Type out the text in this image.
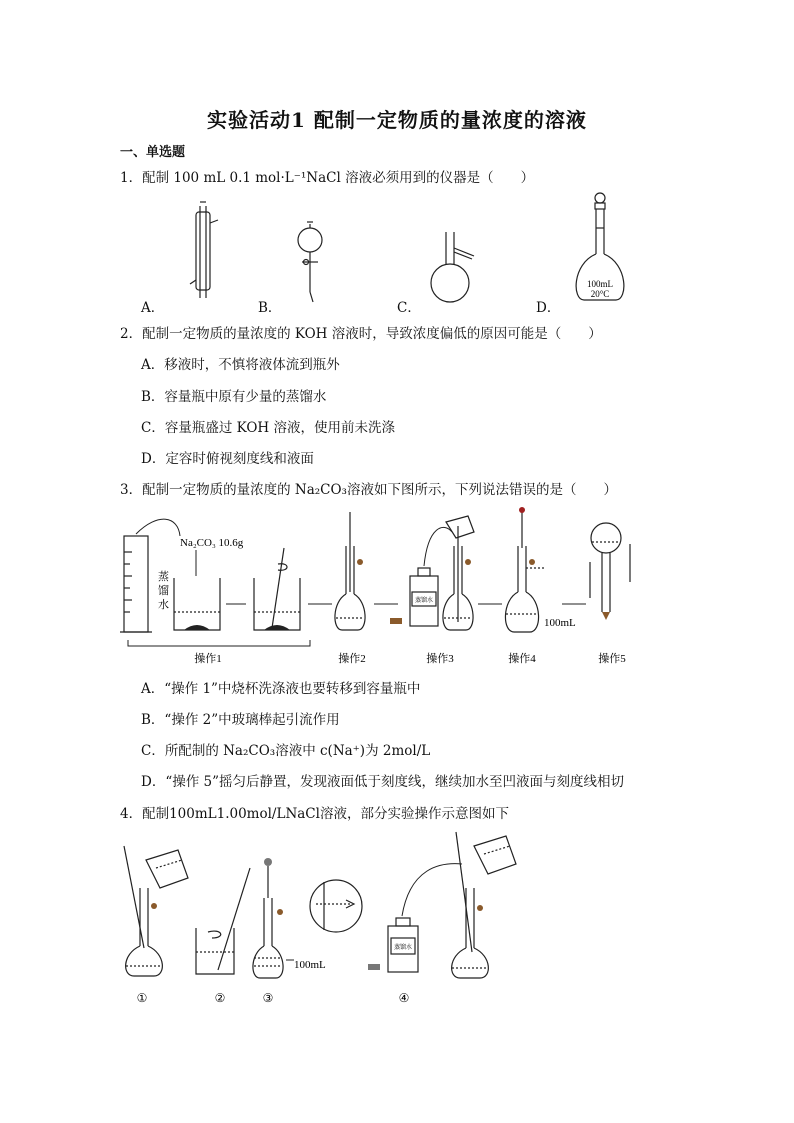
实验活动1 配制一定物质的量浓度的溶液
一、单选题
1．配制 100 mL 0.1 mol·L⁻¹NaCl 溶液必须用到的仪器是（　　）
100mL
20°C
A．	B．	C．	D．
2．配制一定物质的量浓度的 KOH 溶液时，导致浓度偏低的原因可能是（　　）
A．移液时，不慎将液体流到瓶外
B．容量瓶中原有少量的蒸馏水
C．容量瓶盛过 KOH 溶液，使用前未洗涤
D．定容时俯视刻度线和液面
3．配制一定物质的量浓度的 Na₂CO₃溶液如下图所示，下列说法错误的是（　　）
蒸
馏
水
Na₂CO₃ 10.6g
蒸馏水
100mL
操作1	操作2	操作3	操作4	操作5
A．“操作 1”中烧杯洗涤液也要转移到容量瓶中
B．“操作 2”中玻璃棒起引流作用
C．所配制的 Na₂CO₃溶液中 c(Na⁺)为 2mol/L
D．“操作 5”摇匀后静置，发现液面低于刻度线，继续加水至凹液面与刻度线相切
4．配制100mL1.00mol/LNaCl溶液，部分实验操作示意图如下
100mL
蒸馏水
①	②	③	④
